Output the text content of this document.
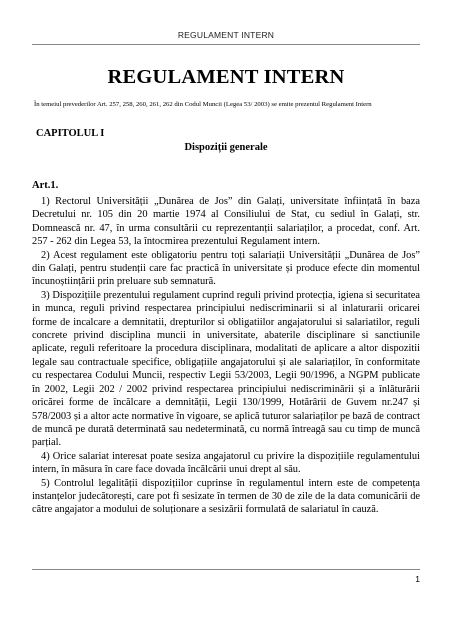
REGULAMENT INTERN
REGULAMENT INTERN
În temeiul prevederilor Art. 257, 258, 260, 261, 262 din Codul Muncii (Legea 53/ 2003) se emite prezentul Regulament Intern
CAPITOLUL I
Dispoziții generale
Art.1.

1) Rectorul Universității „Dunărea de Jos” din Galați, universitate înființată în baza Decretului nr. 105 din 20 martie 1974 al Consiliului de Stat, cu sediul în Galați, str. Domnească nr. 47, în urma consultării cu reprezentanții salariaților, a procedat, conf. Art. 257 - 262 din Legea 53, la întocmirea prezentului Regulament intern.

2) Acest regulament este obligatoriu pentru toți salariații Universității „Dunărea de Jos” din Galați, pentru studenții care fac practică în universitate și produce efecte din momentul încunoștiințării prin preluare sub semnatură.

3) Dispozițiile prezentului regulament cuprind reguli privind protecția, igiena si securitatea in munca, reguli privind respectarea principiului nediscriminarii si al inlaturarii oricarei forme de incalcare a demnitatii, drepturilor si obligatiilor angajatorului si salariatilor, reguli concrete privind disciplina muncii in universitate, abaterile disciplinare si sanctiunile aplicate, reguli referitoare la procedura disciplinara, modalitati de aplicare a altor dispozitii legale sau contractuale specifice, obligațiile angajatorului și ale salariaților, în conformitate cu respectarea Codului Muncii, respectiv Legii 53/2003, Legii 90/1996, a NGPM publicate în 2002, Legii 202 / 2002 privind respectarea principiului nediscriminării și a înlăturării oricărei forme de încălcare a demnității, Legii 130/1999, Hotărârii de Guvem nr.247 și 578/2003 și a altor acte normative în vigoare, se aplică tuturor salariaților pe bază de contract de muncă pe durată determinată sau nedeterminată, cu normă întreagă sau cu timp de muncă parțial.

4) Orice salariat interesat poate sesiza angajatorul cu privire la dispozițiile regulamentului intern, în măsura în care face dovada încălcării unui drept al său.

5) Controlul legalității dispozițiilor cuprinse în regulamentul intern este de competența instanțelor judecătorești, care pot fi sesizate în termen de 30 de zile de la data comunicării de către angajator a modului de soluționare a sesizării formulată de salariatul în cauză.

1
